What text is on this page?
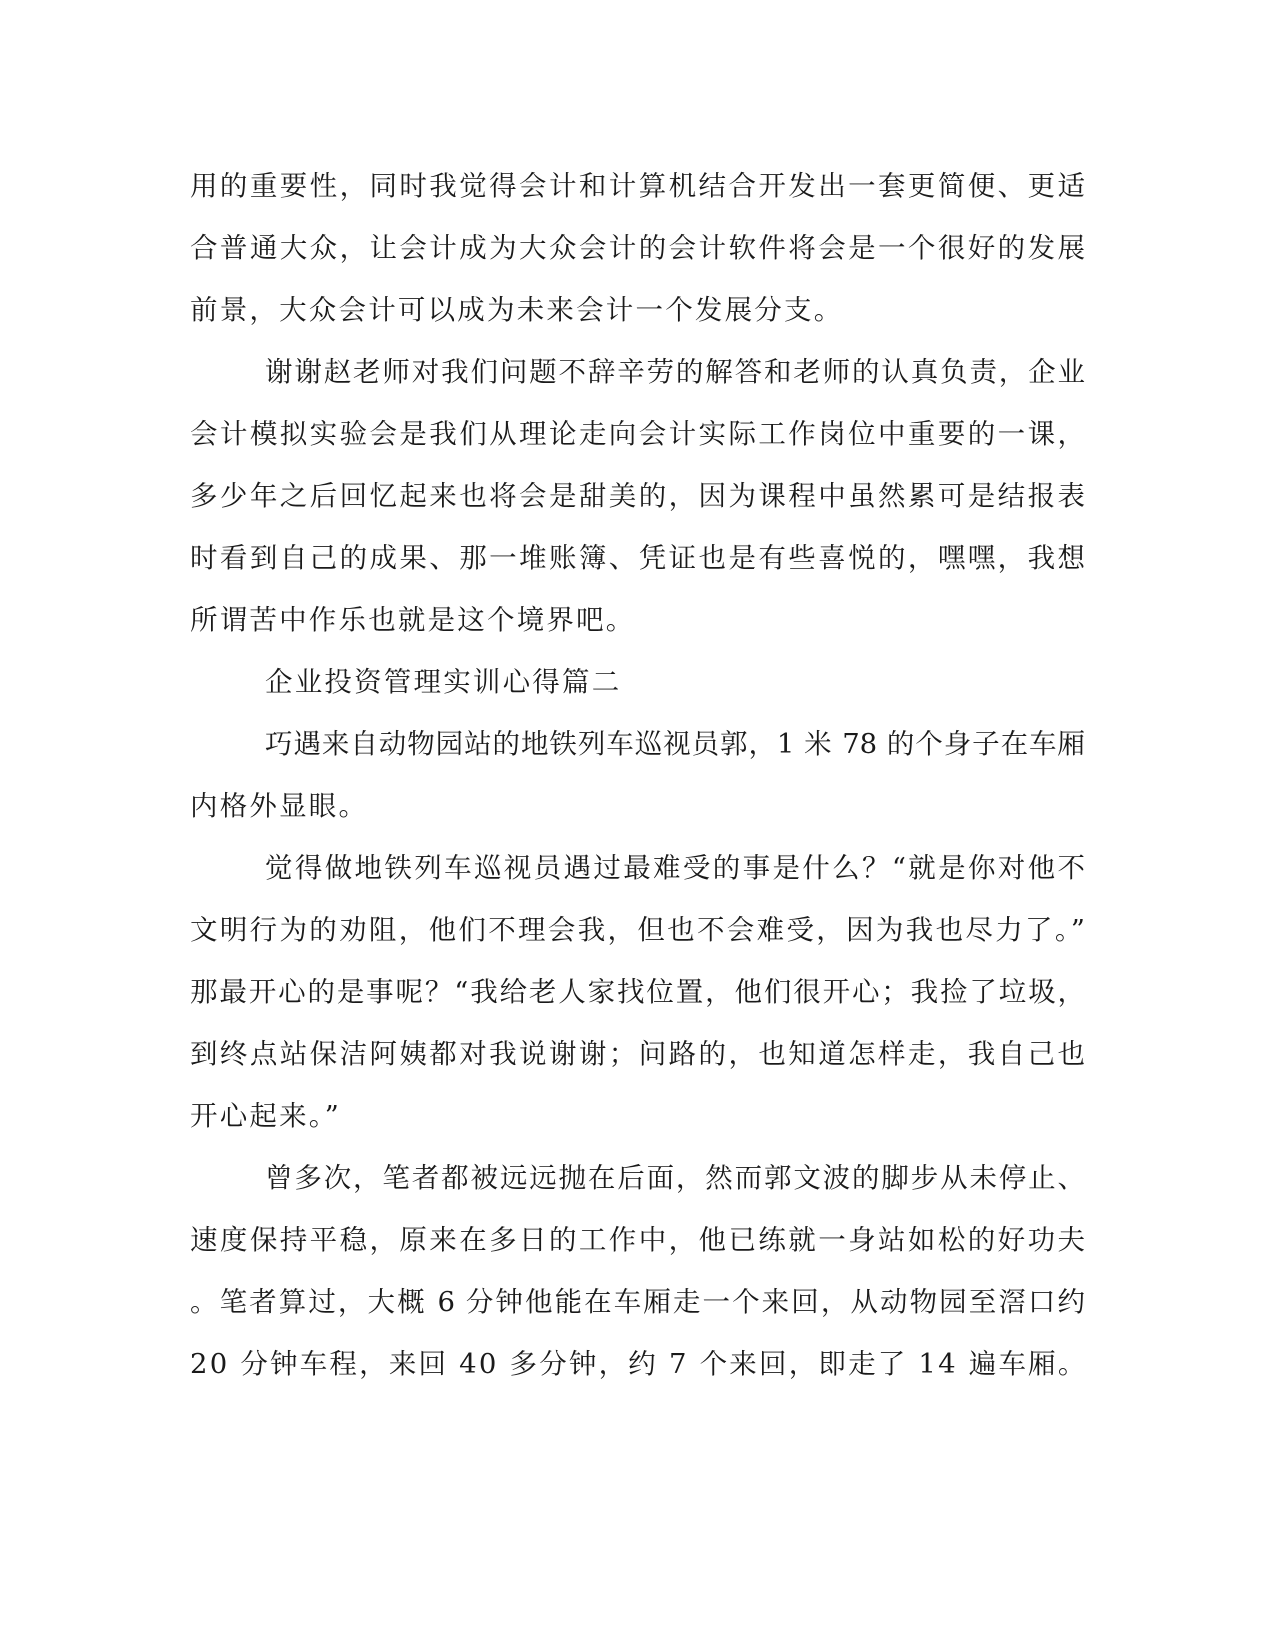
用的重要性，同时我觉得会计和计算机结合开发出一套更简便、更适
合普通大众，让会计成为大众会计的会计软件将会是一个很好的发展
前景，大众会计可以成为未来会计一个发展分支。
谢谢赵老师对我们问题不辞辛劳的解答和老师的认真负责，企业
会计模拟实验会是我们从理论走向会计实际工作岗位中重要的一课，
多少年之后回忆起来也将会是甜美的，因为课程中虽然累可是结报表
时看到自己的成果、那一堆账簿、凭证也是有些喜悦的，嘿嘿，我想
所谓苦中作乐也就是这个境界吧。
企业投资管理实训心得篇二
巧遇来自动物园站的地铁列车巡视员郭，1 米 78 的个身子在车厢
内格外显眼。
觉得做地铁列车巡视员遇过最难受的事是什么？“就是你对他不
文明行为的劝阻，他们不理会我，但也不会难受，因为我也尽力了。”
那最开心的是事呢？“我给老人家找位置，他们很开心；我捡了垃圾，
到终点站保洁阿姨都对我说谢谢；问路的，也知道怎样走，我自己也
开心起来。”
曾多次，笔者都被远远抛在后面，然而郭文波的脚步从未停止、
速度保持平稳，原来在多日的工作中，他已练就一身站如松的好功夫
。笔者算过，大概 6 分钟他能在车厢走一个来回，从动物园至滘口约
20 分钟车程，来回 40 多分钟，约 7 个来回，即走了 14 遍车厢。
